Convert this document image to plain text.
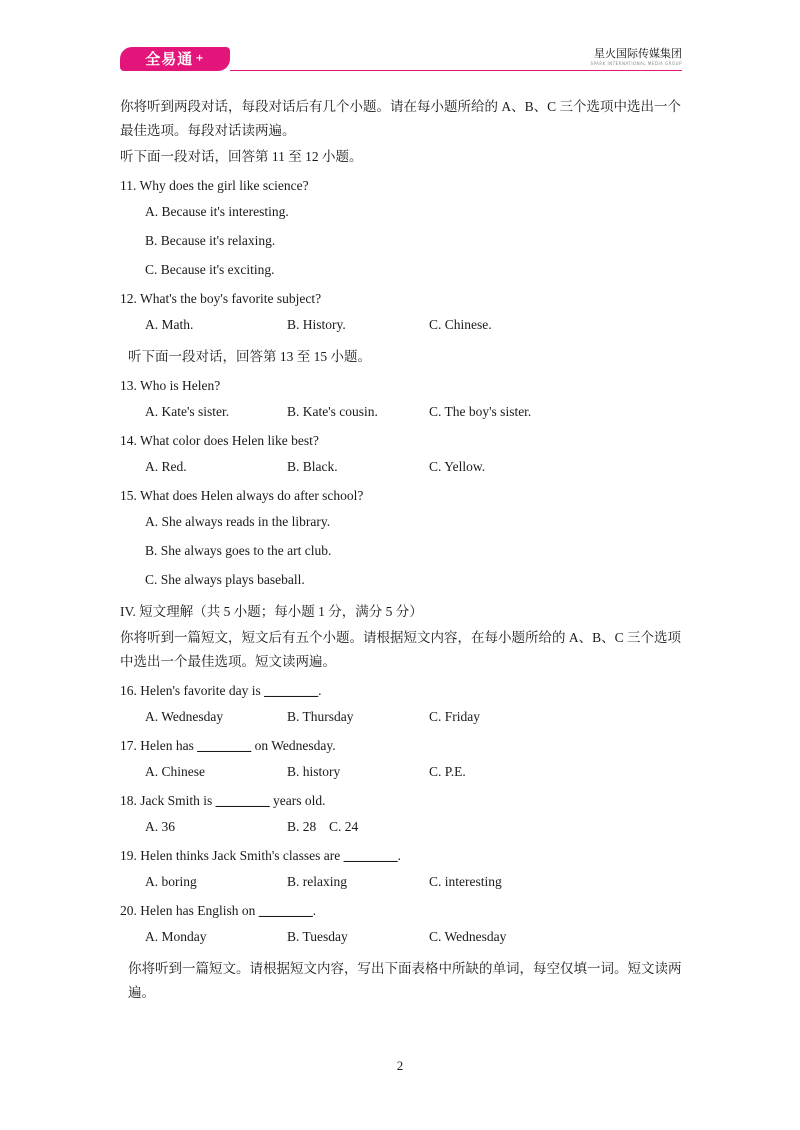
全易通 +	星火国际传媒集团
SPARK INTERNATIONAL MEDIA GROUP

你将听到两段对话，每段对话后有几个小题。请在每小题所给的 A、B、C 三个选项中选出一个最佳选项。每段对话读两遍。

听下面一段对话，回答第 11 至 12 小题。

11. Why does the girl like science?
A. Because it's interesting.
B. Because it's relaxing.
C. Because it's exciting.
12. What's the boy's favorite subject?
A. Math.	B. History.	C. Chinese.

听下面一段对话，回答第 13 至 15 小题。

13. Who is Helen?
A. Kate's sister.	B. Kate's cousin.	C. The boy's sister.
14. What color does Helen like best?
A. Red.	B. Black.	C. Yellow.
15. What does Helen always do after school?
A. She always reads in the library.
B. She always goes to the art club.
C. She always plays baseball.

IV. 短文理解（共 5 小题；每小题 1 分，满分 5 分）

你将听到一篇短文，短文后有五个小题。请根据短文内容，在每小题所给的 A、B、C 三个选项中选出一个最佳选项。短文读两遍。

16. Helen's favorite day is ________.
A. Wednesday	B. Thursday	C. Friday
17. Helen has ________ on Wednesday.
A. Chinese	B. history	C. P.E.
18. Jack Smith is ________ years old.
A. 36	B. 28 C. 24
19. Helen thinks Jack Smith's classes are ________.
A. boring	B. relaxing	C. interesting
20. Helen has English on ________.
A. Monday	B. Tuesday	C. Wednesday

你将听到一篇短文。请根据短文内容，写出下面表格中所缺的单词，每空仅填一词。短文读两遍。

2
